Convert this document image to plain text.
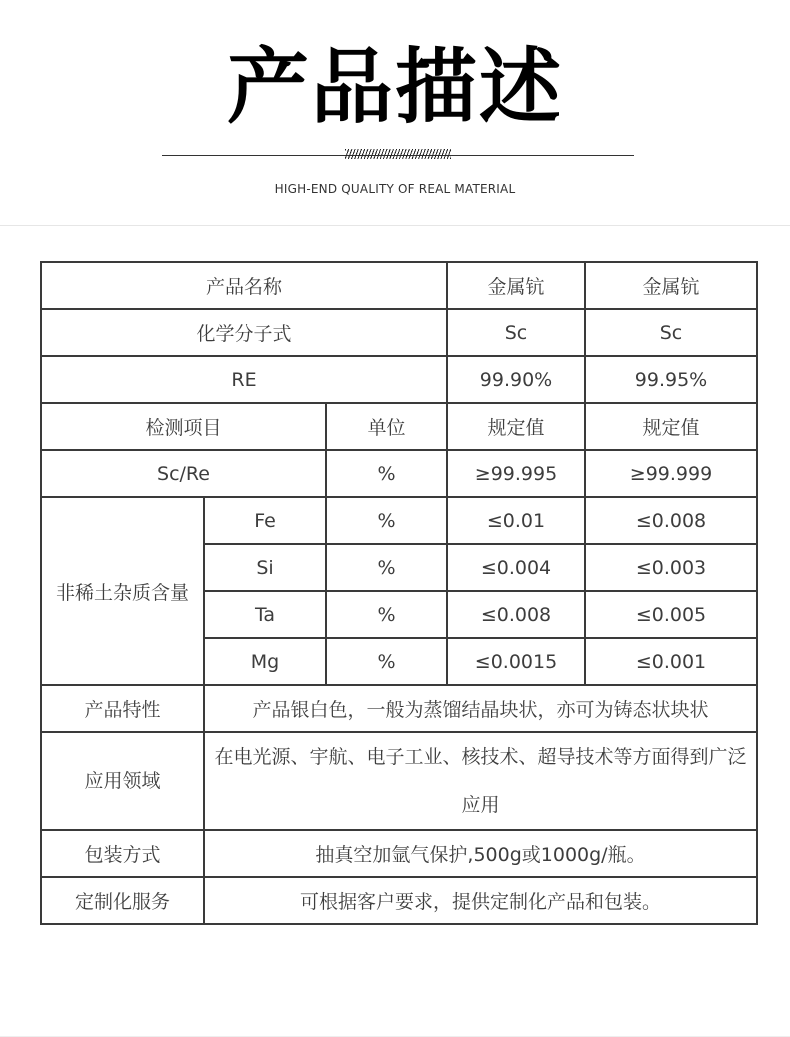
产品描述
HIGH-END QUALITY OF REAL MATERIAL
产品名称			金属钪	金属钪
化学分子式			Sc	Sc
RE			99.90%	99.95%
检测项目		单位	规定值	规定值
Sc/Re		%	≥99.995	≥99.999
非稀土杂质含量	Fe	%	≤0.01	≤0.008
	Si	%	≤0.004	≤0.003
	Ta	%	≤0.008	≤0.005
	Mg	%	≤0.0015	≤0.001
产品特性	产品银白色，一般为蒸馏结晶块状，亦可为铸态状块状			
应用领域	在电光源、宇航、电子工业、核技术、超导技术等方面得到广泛应用			
包装方式	抽真空加氩气保护,500g或1000g/瓶。			
定制化服务	可根据客户要求，提供定制化产品和包装。			
